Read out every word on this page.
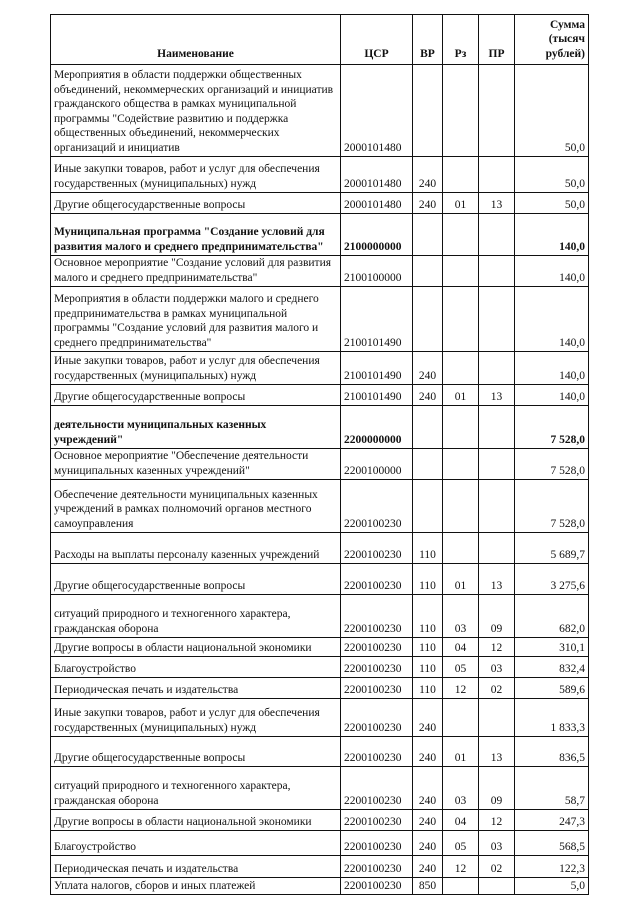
Наименование	ЦСР	ВР	Рз	ПР	Сумма (тысяч рублей)
Мероприятия в области поддержки общественных объединений, некоммерческих организаций и инициатив гражданского общества в рамках муниципальной программы "Содействие развитию и поддержка общественных объединений, некоммерческих организаций и инициатив	2000101480				50,0
Иные закупки товаров, работ и услуг для обеспечения государственных (муниципальных) нужд	2000101480	240			50,0
Другие общегосударственные вопросы	2000101480	240	01	13	50,0
Муниципальная программа "Создание условий для развития малого и среднего предпринимательства"	2100000000				140,0
Основное мероприятие "Создание условий для развития малого и среднего предпринимательства"	2100100000				140,0
Мероприятия в области поддержки малого и среднего предпринимательства в рамках муниципальной программы "Создание условий для развития малого и среднего предпринимательства"	2100101490				140,0
Иные закупки товаров, работ и услуг для обеспечения государственных (муниципальных) нужд	2100101490	240			140,0
Другие общегосударственные вопросы	2100101490	240	01	13	140,0
деятельности муниципальных казенных учреждений"	2200000000				7 528,0
Основное мероприятие "Обеспечение деятельности муниципальных казенных учреждений"	2200100000				7 528,0
Обеспечение деятельности муниципальных казенных учреждений в рамках полномочий органов местного самоуправления	2200100230				7 528,0
Расходы на выплаты персоналу казенных учреждений	2200100230	110			5 689,7
Другие общегосударственные вопросы	2200100230	110	01	13	3 275,6
ситуаций природного и техногенного характера, гражданская оборона	2200100230	110	03	09	682,0
Другие вопросы в области национальной экономики	2200100230	110	04	12	310,1
Благоустройство	2200100230	110	05	03	832,4
Периодическая печать и издательства	2200100230	110	12	02	589,6
Иные закупки товаров, работ и услуг для обеспечения государственных (муниципальных) нужд	2200100230	240			1 833,3
Другие общегосударственные вопросы	2200100230	240	01	13	836,5
ситуаций природного и техногенного характера, гражданская оборона	2200100230	240	03	09	58,7
Другие вопросы в области национальной экономики	2200100230	240	04	12	247,3
Благоустройство	2200100230	240	05	03	568,5
Периодическая печать и издательства	2200100230	240	12	02	122,3
Уплата налогов, сборов и иных платежей	2200100230	850			5,0
